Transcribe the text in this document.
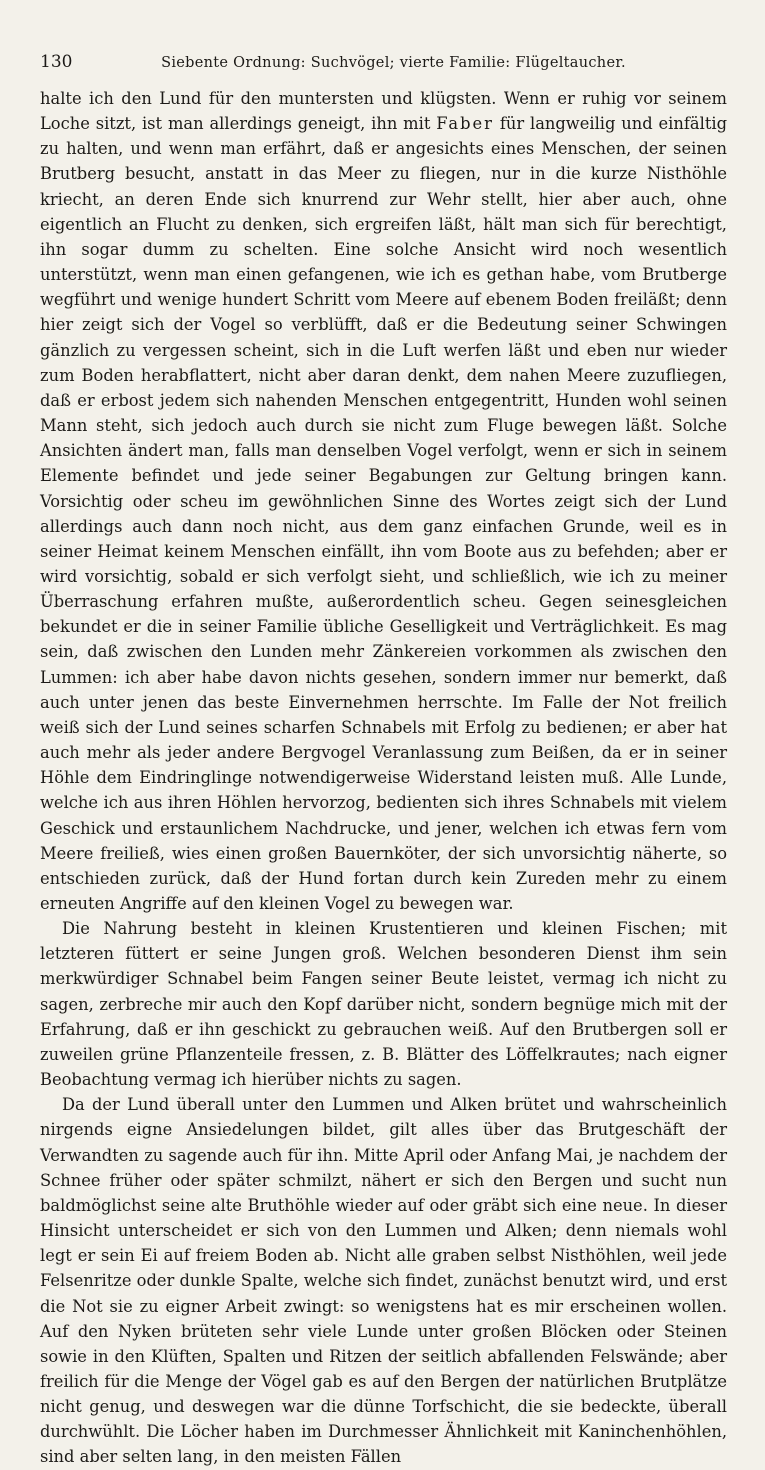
130	Siebente Ordnung: Suchvögel; vierte Familie: Flügeltaucher.

halte ich den Lund für den muntersten und klügsten. Wenn er ruhig vor seinem Loche sitzt, ist man allerdings geneigt, ihn mit Faber für langweilig und einfältig zu halten, und wenn man erfährt, daß er angesichts eines Menschen, der seinen Brutberg besucht, anstatt in das Meer zu fliegen, nur in die kurze Nisthöhle kriecht, an deren Ende sich knurrend zur Wehr stellt, hier aber auch, ohne eigentlich an Flucht zu denken, sich ergreifen läßt, hält man sich für berechtigt, ihn sogar dumm zu schelten. Eine solche Ansicht wird noch wesentlich unterstützt, wenn man einen gefangenen, wie ich es gethan habe, vom Brutberge wegführt und wenige hundert Schritt vom Meere auf ebenem Boden freiläßt; denn hier zeigt sich der Vogel so verblüfft, daß er die Bedeutung seiner Schwingen gänzlich zu vergessen scheint, sich in die Luft werfen läßt und eben nur wieder zum Boden herabflattert, nicht aber daran denkt, dem nahen Meere zuzufliegen, daß er erbost jedem sich nahenden Menschen entgegentritt, Hunden wohl seinen Mann steht, sich jedoch auch durch sie nicht zum Fluge bewegen läßt. Solche Ansichten ändert man, falls man denselben Vogel verfolgt, wenn er sich in seinem Elemente befindet und jede seiner Begabungen zur Geltung bringen kann. Vorsichtig oder scheu im gewöhnlichen Sinne des Wortes zeigt sich der Lund allerdings auch dann noch nicht, aus dem ganz einfachen Grunde, weil es in seiner Heimat keinem Menschen einfällt, ihn vom Boote aus zu befehden; aber er wird vorsichtig, sobald er sich verfolgt sieht, und schließlich, wie ich zu meiner Überraschung erfahren mußte, außerordentlich scheu. Gegen seinesgleichen bekundet er die in seiner Familie übliche Geselligkeit und Verträglichkeit. Es mag sein, daß zwischen den Lunden mehr Zänkereien vorkommen als zwischen den Lummen: ich aber habe davon nichts gesehen, sondern immer nur bemerkt, daß auch unter jenen das beste Einvernehmen herrschte. Im Falle der Not freilich weiß sich der Lund seines scharfen Schnabels mit Erfolg zu bedienen; er aber hat auch mehr als jeder andere Bergvogel Veranlassung zum Beißen, da er in seiner Höhle dem Eindringlinge notwendigerweise Widerstand leisten muß. Alle Lunde, welche ich aus ihren Höhlen hervorzog, bedienten sich ihres Schnabels mit vielem Geschick und erstaunlichem Nachdrucke, und jener, welchen ich etwas fern vom Meere freiließ, wies einen großen Bauernköter, der sich unvorsichtig näherte, so entschieden zurück, daß der Hund fortan durch kein Zureden mehr zu einem erneuten Angriffe auf den kleinen Vogel zu bewegen war.

Die Nahrung besteht in kleinen Krustentieren und kleinen Fischen; mit letzteren füttert er seine Jungen groß. Welchen besonderen Dienst ihm sein merkwürdiger Schnabel beim Fangen seiner Beute leistet, vermag ich nicht zu sagen, zerbreche mir auch den Kopf darüber nicht, sondern begnüge mich mit der Erfahrung, daß er ihn geschickt zu gebrauchen weiß. Auf den Brutbergen soll er zuweilen grüne Pflanzenteile fressen, z. B. Blätter des Löffelkrautes; nach eigner Beobachtung vermag ich hierüber nichts zu sagen.

Da der Lund überall unter den Lummen und Alken brütet und wahrscheinlich nirgends eigne Ansiedelungen bildet, gilt alles über das Brutgeschäft der Verwandten zu sagende auch für ihn. Mitte April oder Anfang Mai, je nachdem der Schnee früher oder später schmilzt, nähert er sich den Bergen und sucht nun baldmöglichst seine alte Bruthöhle wieder auf oder gräbt sich eine neue. In dieser Hinsicht unterscheidet er sich von den Lummen und Alken; denn niemals wohl legt er sein Ei auf freiem Boden ab. Nicht alle graben selbst Nisthöhlen, weil jede Felsenritze oder dunkle Spalte, welche sich findet, zunächst benutzt wird, und erst die Not sie zu eigner Arbeit zwingt: so wenigstens hat es mir erscheinen wollen. Auf den Nyken brüteten sehr viele Lunde unter großen Blöcken oder Steinen sowie in den Klüften, Spalten und Ritzen der seitlich abfallenden Felswände; aber freilich für die Menge der Vögel gab es auf den Bergen der natürlichen Brutplätze nicht genug, und deswegen war die dünne Torfschicht, die sie bedeckte, überall durchwühlt. Die Löcher haben im Durchmesser Ähnlichkeit mit Kaninchenhöhlen, sind aber selten lang, in den meisten Fällen
